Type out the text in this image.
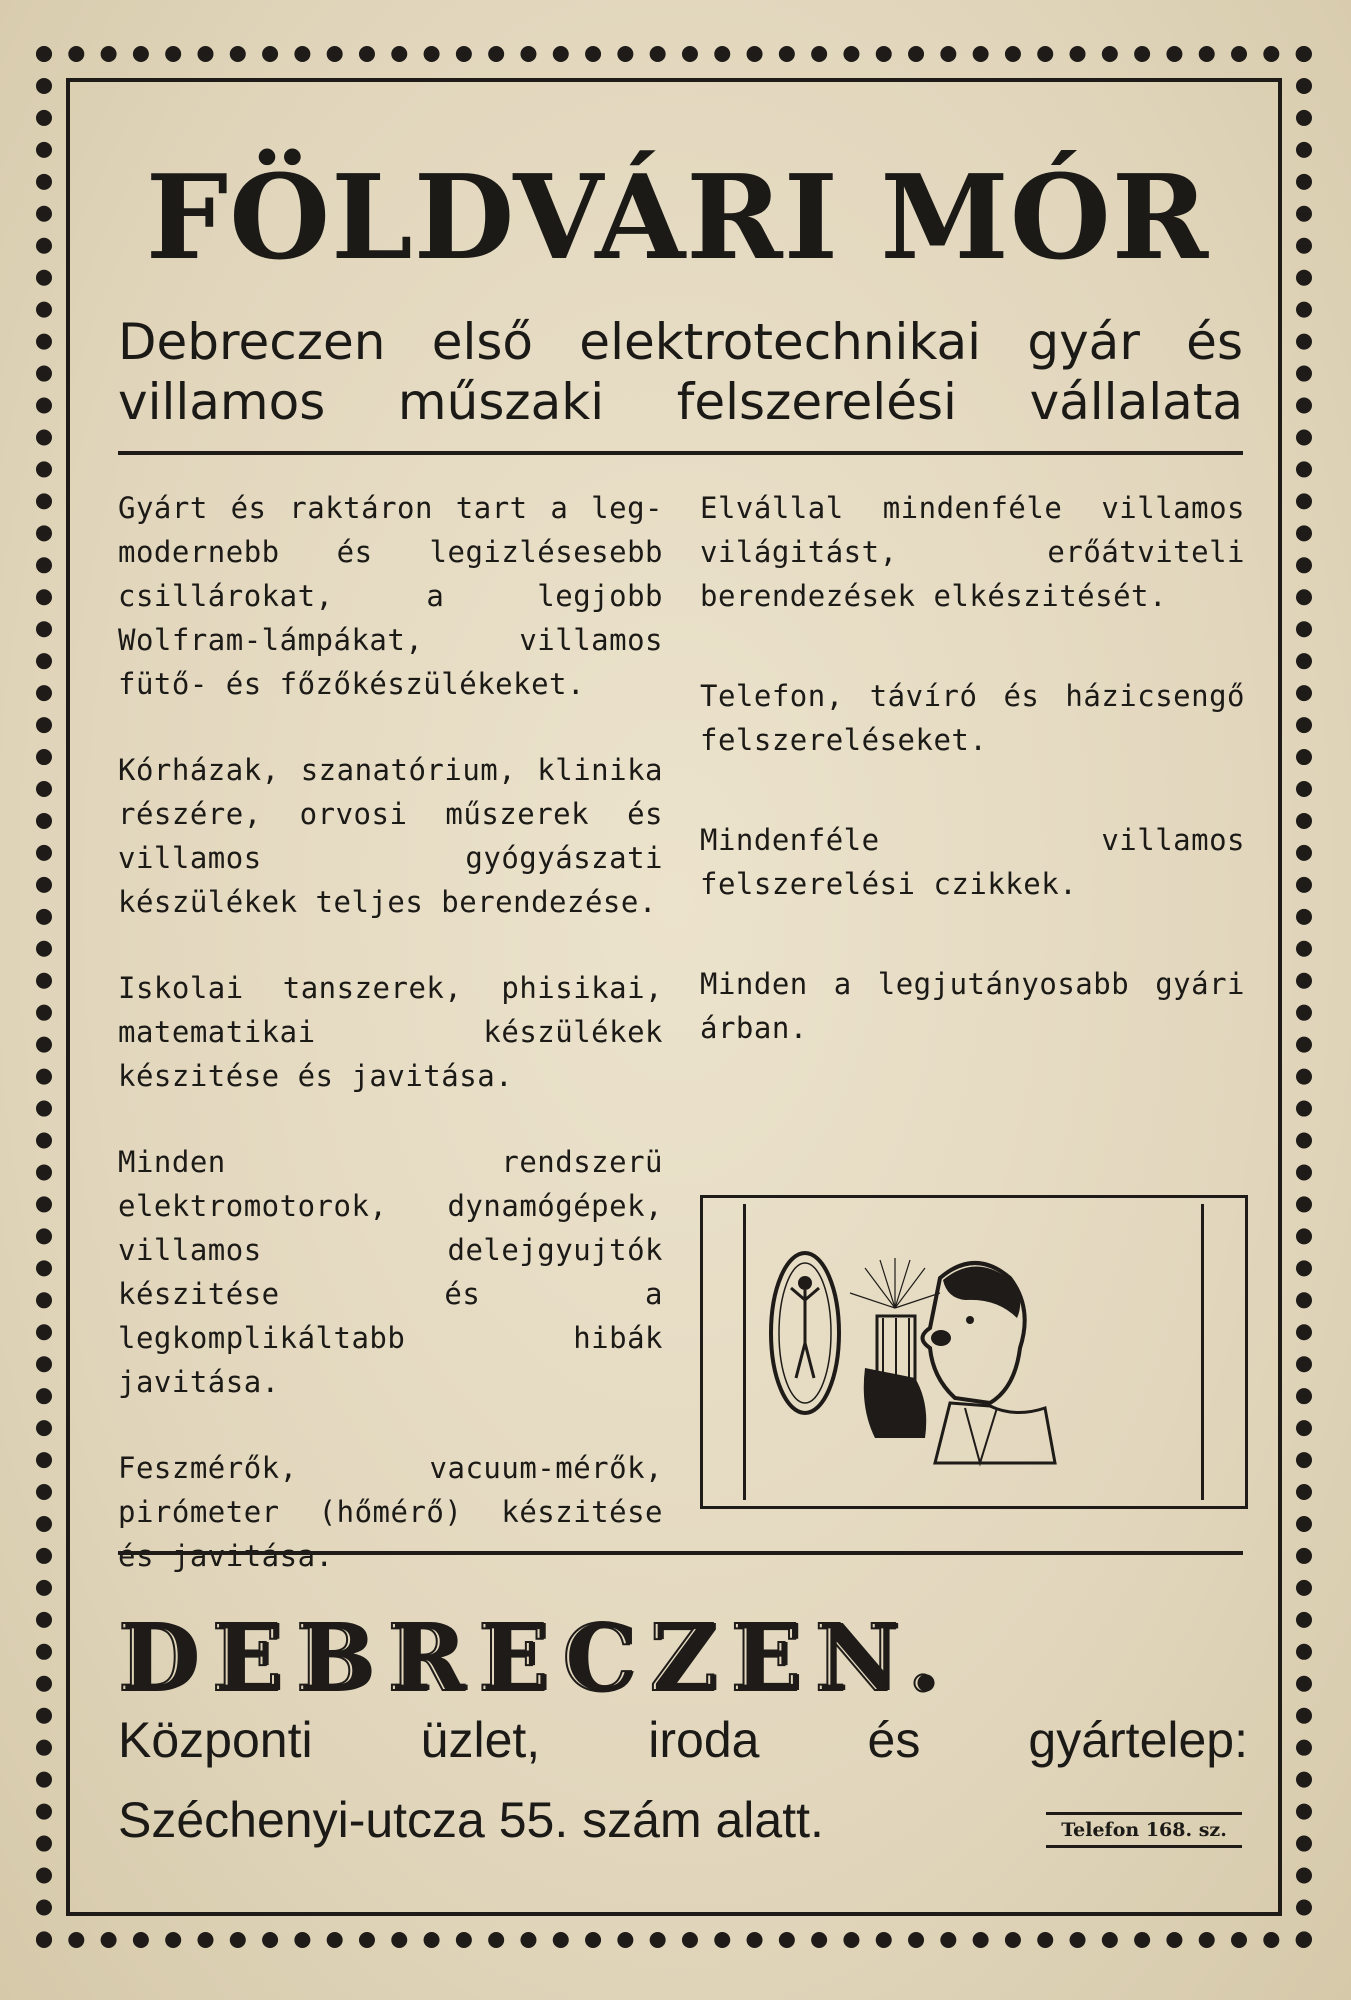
FÖLDVÁRI MÓR
Debreczen első elektrotechnikai gyár és
villamos műszaki felszerelési vállalata

Gyárt és raktáron tart a leg-modernebb és legizlésesebb csillárokat, a legjobb Wolfram-lámpákat, villamos fütő- és főzőkészülékeket.

Kórházak, szanatórium, klinika részére, orvosi műszerek és villamos gyógyászati készülékek teljes berendezése.

Iskolai tanszerek, phisikai, matematikai készülékek készitése és javitása.

Minden rendszerü elektromotorok, dynamógépek, villamos delejgyujtók készitése és a legkomplikáltabb hibák javitása.

Feszmérők, vacuum-mérők, pirómeter (hőmérő) készitése és javitása.

Elvállal mindenféle villamos világitást, erőátviteli berendezések elkészitését.

Telefon, távíró és házicsengő felszereléseket.

Mindenféle villamos felszerelési czikkek.

Minden a legjutányosabb gyári árban.

DEBRECZEN.
Központi üzlet, iroda és gyártelep:
Széchenyi-utcza 55. szám alatt.	Telefon 168. sz.
